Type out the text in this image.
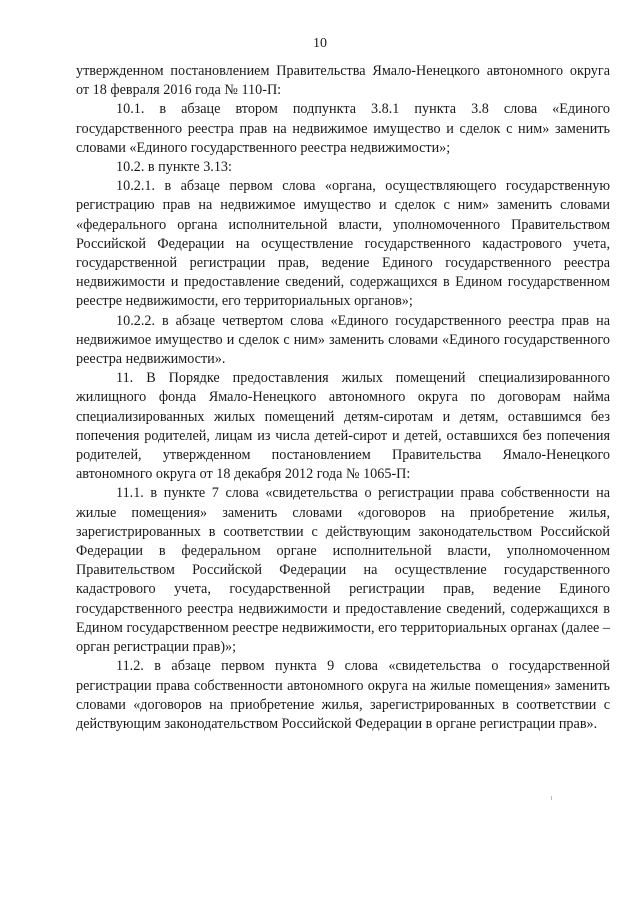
10

утвержденном постановлением Правительства Ямало-Ненецкого автономного округа от 18 февраля 2016 года № 110-П:

10.1. в абзаце втором подпункта 3.8.1 пункта 3.8 слова «Единого государственного реестра прав на недвижимое имущество и сделок с ним» заменить словами «Единого государственного реестра недвижимости»;

10.2. в пункте 3.13:

10.2.1. в абзаце первом слова «органа, осуществляющего государственную регистрацию прав на недвижимое имущество и сделок с ним» заменить словами «федерального органа исполнительной власти, уполномоченного Правительством Российской Федерации на осуществление государственного кадастрового учета, государственной регистрации прав, ведение Единого государственного реестра недвижимости и предоставление сведений, содержащихся в Едином государственном реестре недвижимости, его территориальных органов»;

10.2.2. в абзаце четвертом слова «Единого государственного реестра прав на недвижимое имущество и сделок с ним» заменить словами «Единого государственного реестра недвижимости».

11. В Порядке предоставления жилых помещений специализированного жилищного фонда Ямало-Ненецкого автономного округа по договорам найма специализированных жилых помещений детям-сиротам и детям, оставшимся без попечения родителей, лицам из числа детей-сирот и детей, оставшихся без попечения родителей, утвержденном постановлением Правительства Ямало-Ненецкого автономного округа от 18 декабря 2012 года № 1065-П:

11.1. в пункте 7 слова «свидетельства о регистрации права собственности на жилые помещения» заменить словами «договоров на приобретение жилья, зарегистрированных в соответствии с действующим законодательством Российской Федерации в федеральном органе исполнительной власти, уполномоченном Правительством Российской Федерации на осуществление государственного кадастрового учета, государственной регистрации прав, ведение Единого государственного реестра недвижимости и предоставление сведений, содержащихся в Едином государственном реестре недвижимости, его территориальных органах (далее – орган регистрации прав)»;

11.2. в абзаце первом пункта 9 слова «свидетельства о государственной регистрации права собственности автономного округа на жилые помещения» заменить словами «договоров на приобретение жилья, зарегистрированных в соответствии с действующим законодательством Российской Федерации в органе регистрации прав».
